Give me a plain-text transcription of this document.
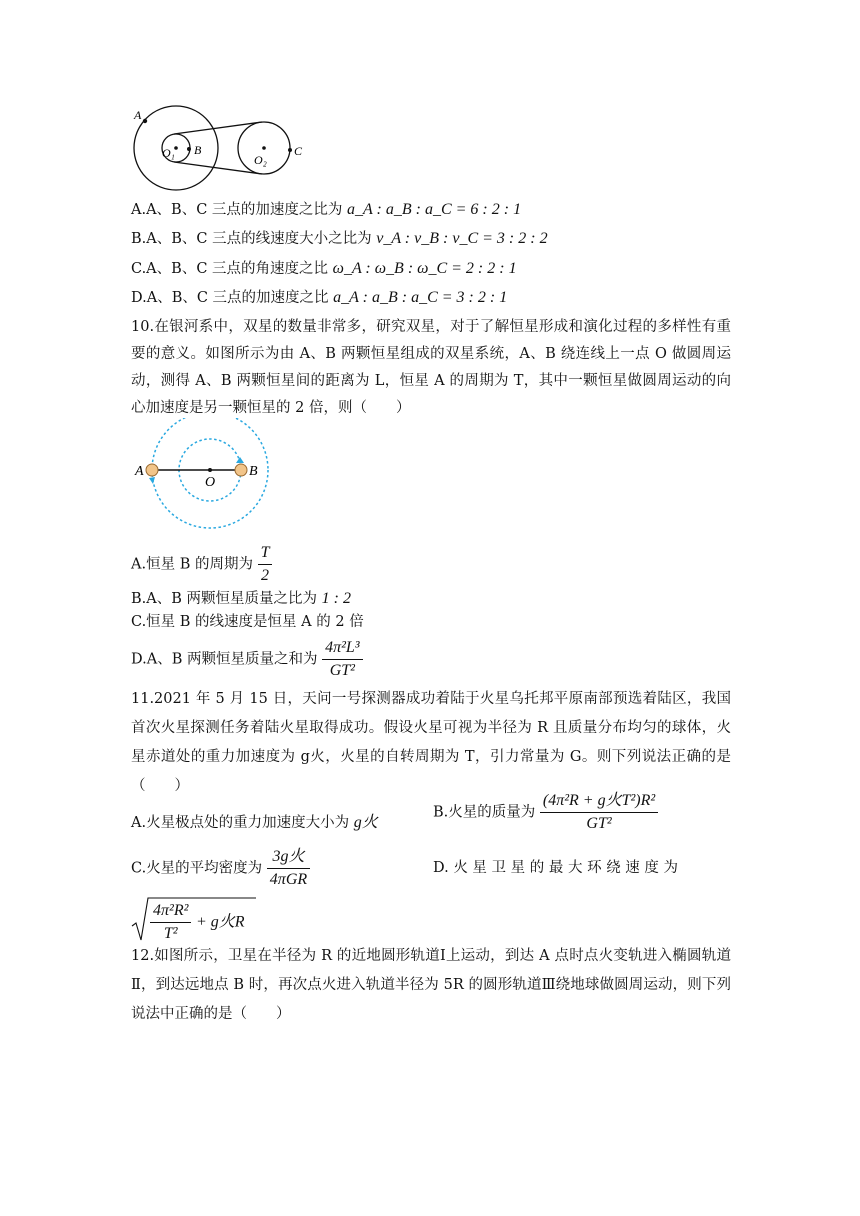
A
O₁ B
O₂
C
A.A、B、C 三点的加速度之比为 a_A : a_B : a_C = 6 : 2 : 1
B.A、B、C 三点的线速度大小之比为 v_A : v_B : v_C = 3 : 2 : 2
C.A、B、C 三点的角速度之比 ω_A : ω_B : ω_C = 2 : 2 : 1
D.A、B、C 三点的加速度之比 a_A : a_B : a_C = 3 : 2 : 1
10.在银河系中，双星的数量非常多，研究双星，对于了解恒星形成和演化过程的多样性有重要的意义。如图所示为由 A、B 两颗恒星组成的双星系统，A、B 绕连线上一点 O 做圆周运动，测得 A、B 两颗恒星间的距离为 L，恒星 A 的周期为 T，其中一颗恒星做圆周运动的向心加速度是另一颗恒星的 2 倍，则（　　）
A
O
B
A.恒星 B 的周期为 $\frac{T}{2}$
B.A、B 两颗恒星质量之比为 1 : 2
C.恒星 B 的线速度是恒星 A 的 2 倍
D.A、B 两颗恒星质量之和为 $\frac{\text{4π²L³}}{\text{GT²}}$
11.2021 年 5 月 15 日，天问一号探测器成功着陆于火星乌托邦平原南部预选着陆区，我国首次火星探测任务着陆火星取得成功。假设火星可视为半径为 R 且质量分布均匀的球体，火星赤道处的重力加速度为 g火，火星的自转周期为 T，引力常量为 G。则下列说法正确的是（　　）
A.火星极点处的重力加速度大小为 g火
B.火星的质量为 $\frac{\text{(4π²R + g火T²)R²}}{\text{GT²}}$
C.火星的平均密度为 $\frac{\text{3g火}}{\text{4πGR}}$	D. 火 星 卫 星 的 最 大 环 绕 速 度 为
$\frac{\text{4π²R²}}{\text{T²}} + g$火R
12.如图所示，卫星在半径为 R 的近地圆形轨道Ⅰ上运动，到达 A 点时点火变轨进入椭圆轨道Ⅱ，到达远地点 B 时，再次点火进入轨道半径为 5R 的圆形轨道Ⅲ绕地球做圆周运动，则下列说法中正确的是（　　）
